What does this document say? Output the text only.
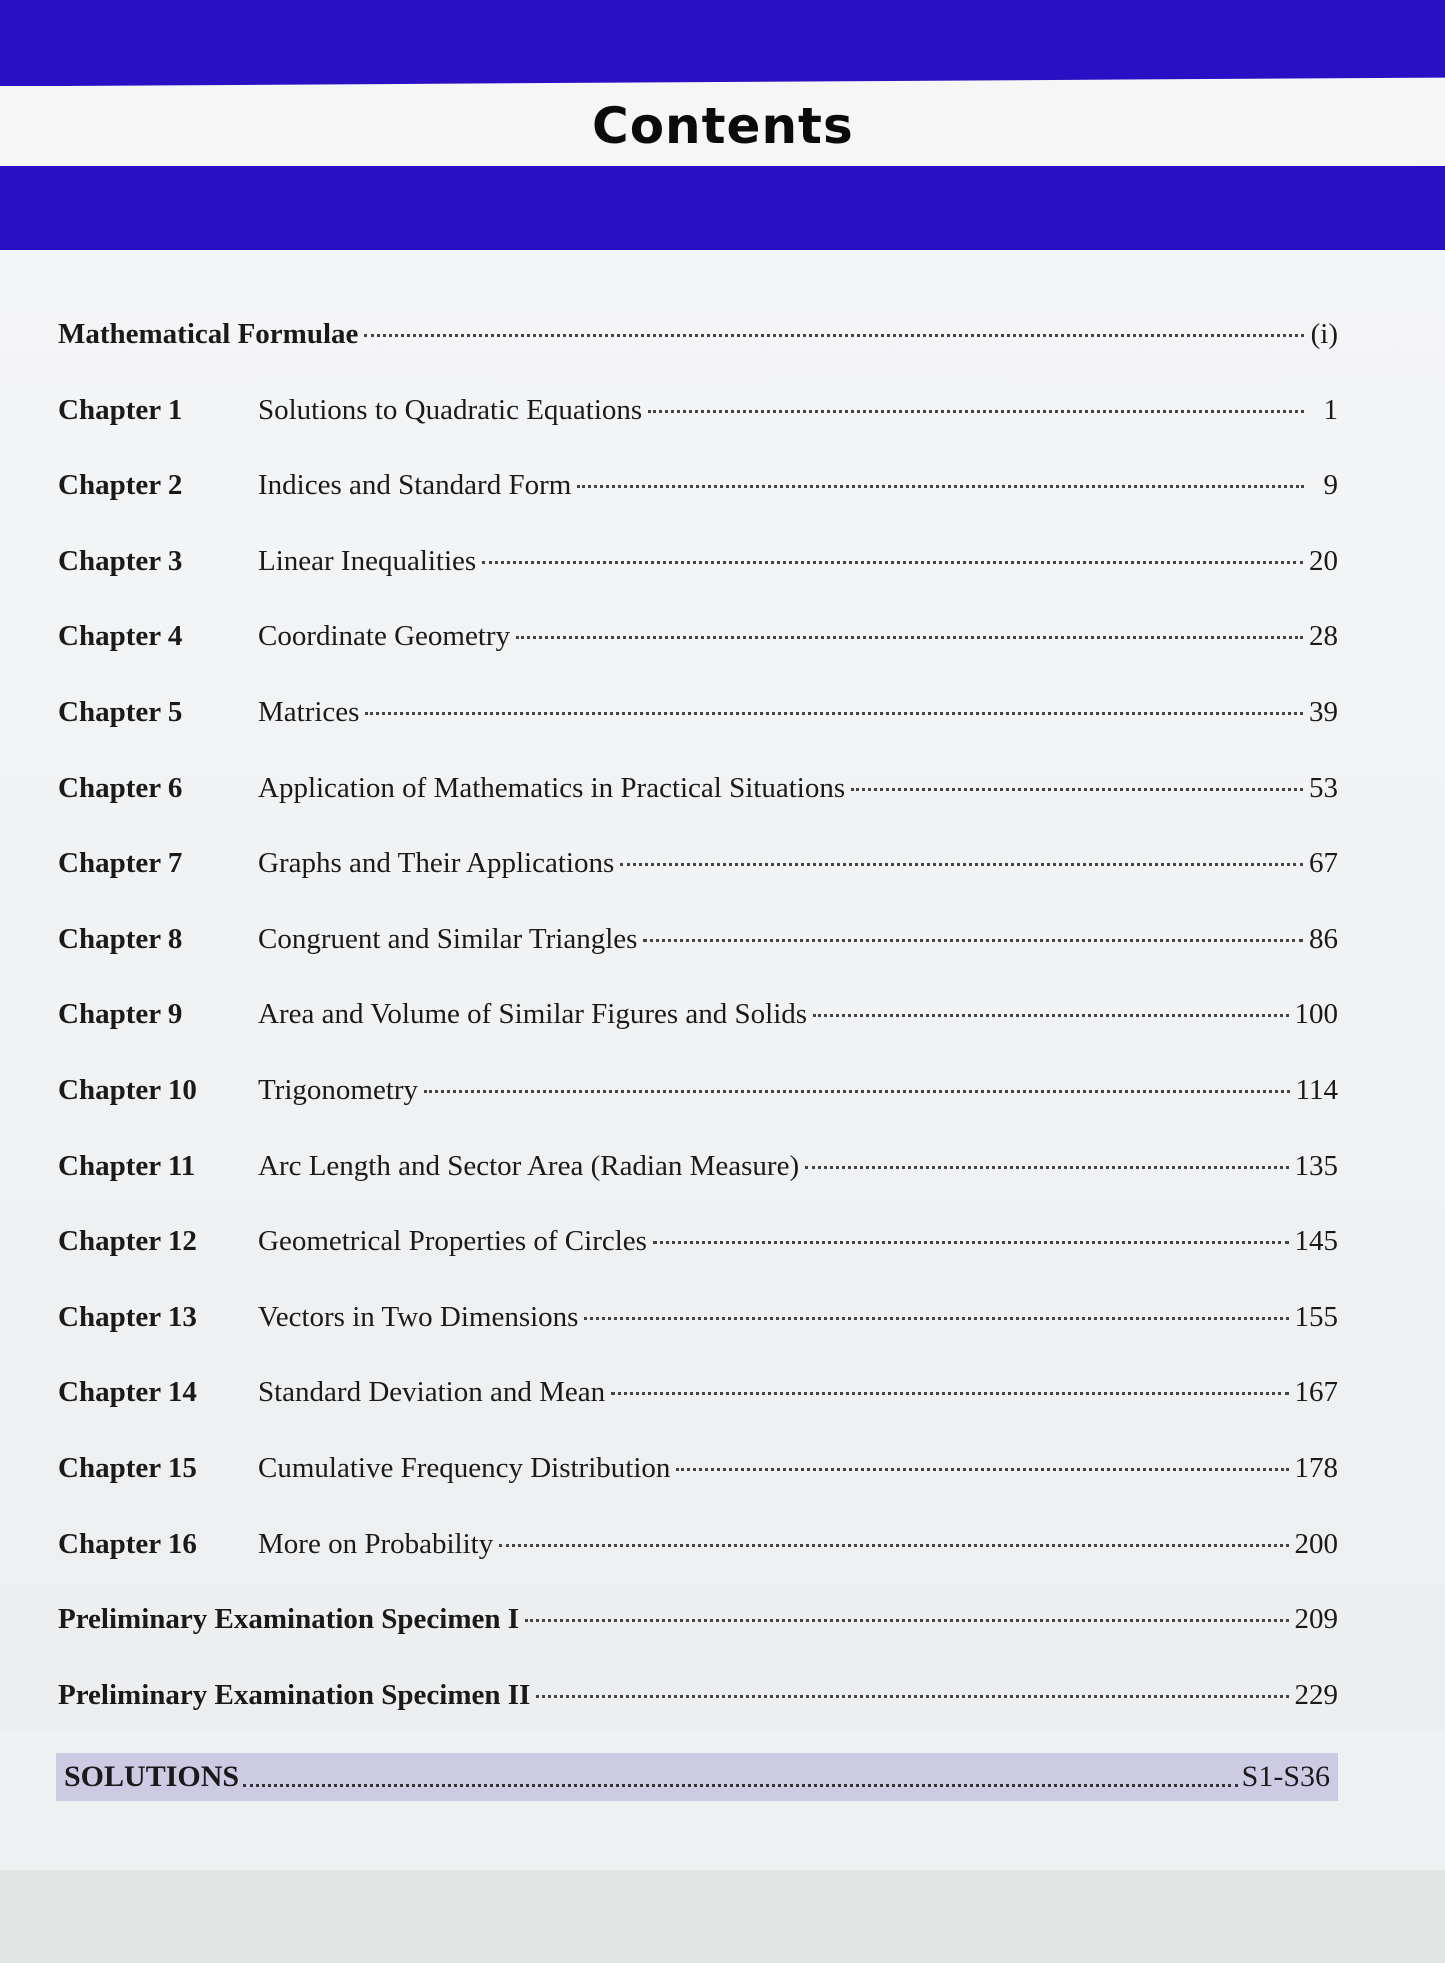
Contents
Mathematical Formulae	(i)
Chapter 1	Solutions to Quadratic Equations	1
Chapter 2	Indices and Standard Form	9
Chapter 3	Linear Inequalities	20
Chapter 4	Coordinate Geometry	28
Chapter 5	Matrices	39
Chapter 6	Application of Mathematics in Practical Situations	53
Chapter 7	Graphs and Their Applications	67
Chapter 8	Congruent and Similar Triangles	86
Chapter 9	Area and Volume of Similar Figures and Solids	100
Chapter 10	Trigonometry	114
Chapter 11	Arc Length and Sector Area (Radian Measure)	135
Chapter 12	Geometrical Properties of Circles	145
Chapter 13	Vectors in Two Dimensions	155
Chapter 14	Standard Deviation and Mean	167
Chapter 15	Cumulative Frequency Distribution	178
Chapter 16	More on Probability	200
Preliminary Examination Specimen I	209
Preliminary Examination Specimen II	229
SOLUTIONS	S1-S36
